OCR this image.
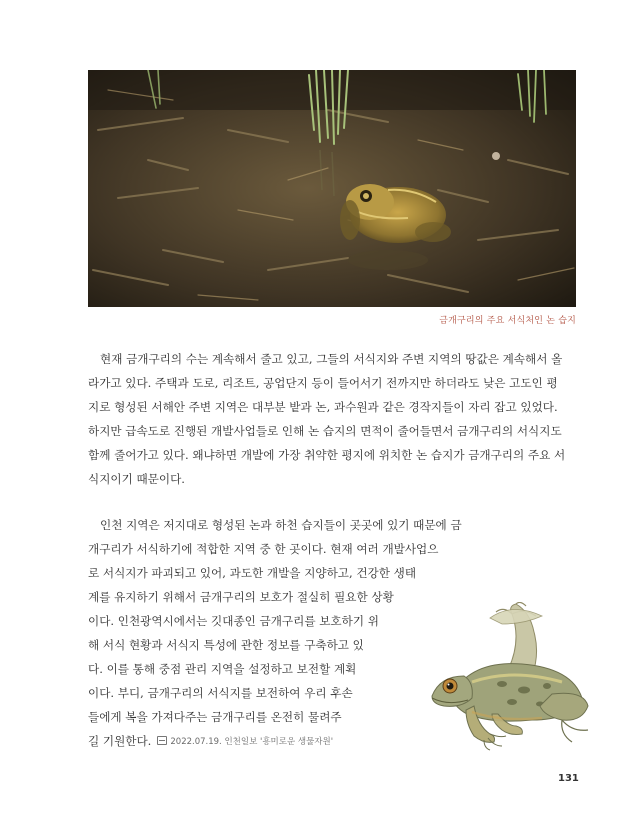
금개구리의 주요 서식처인 논 습지
현재 금개구리의 수는 계속해서 줄고 있고, 그들의 서식지와 주변 지역의 땅값은 계속해서 올
라가고 있다. 주택과 도로, 리조트, 공업단지 등이 들어서기 전까지만 하더라도 낮은 고도인 평
지로 형성된 서해안 주변 지역은 대부분 밭과 논, 과수원과 같은 경작지들이 자리 잡고 있었다.
하지만 급속도로 진행된 개발사업들로 인해 논 습지의 면적이 줄어들면서 금개구리의 서식지도
함께 줄어가고 있다. 왜냐하면 개발에 가장 취약한 평지에 위치한 논 습지가 금개구리의 주요 서
식지이기 때문이다.
인천 지역은 저지대로 형성된 논과 하천 습지들이 곳곳에 있기 때문에 금
개구리가 서식하기에 적합한 지역 중 한 곳이다. 현재 여러 개발사업으
로 서식지가 파괴되고 있어, 과도한 개발을 지양하고, 건강한 생태
계를 유지하기 위해서 금개구리의 보호가 절실히 필요한 상황
이다. 인천광역시에서는 깃대종인 금개구리를 보호하기 위
해 서식 현황과 서식지 특성에 관한 정보를 구축하고 있
다. 이를 통해 중점 관리 지역을 설정하고 보전할 계획
이다. 부디, 금개구리의 서식지를 보전하여 우리 후손
들에게 복을 가져다주는 금개구리를 온전히 물려주
길 기원한다. 2022.07.19. 인천일보 '흥미로운 생물자원'
131
